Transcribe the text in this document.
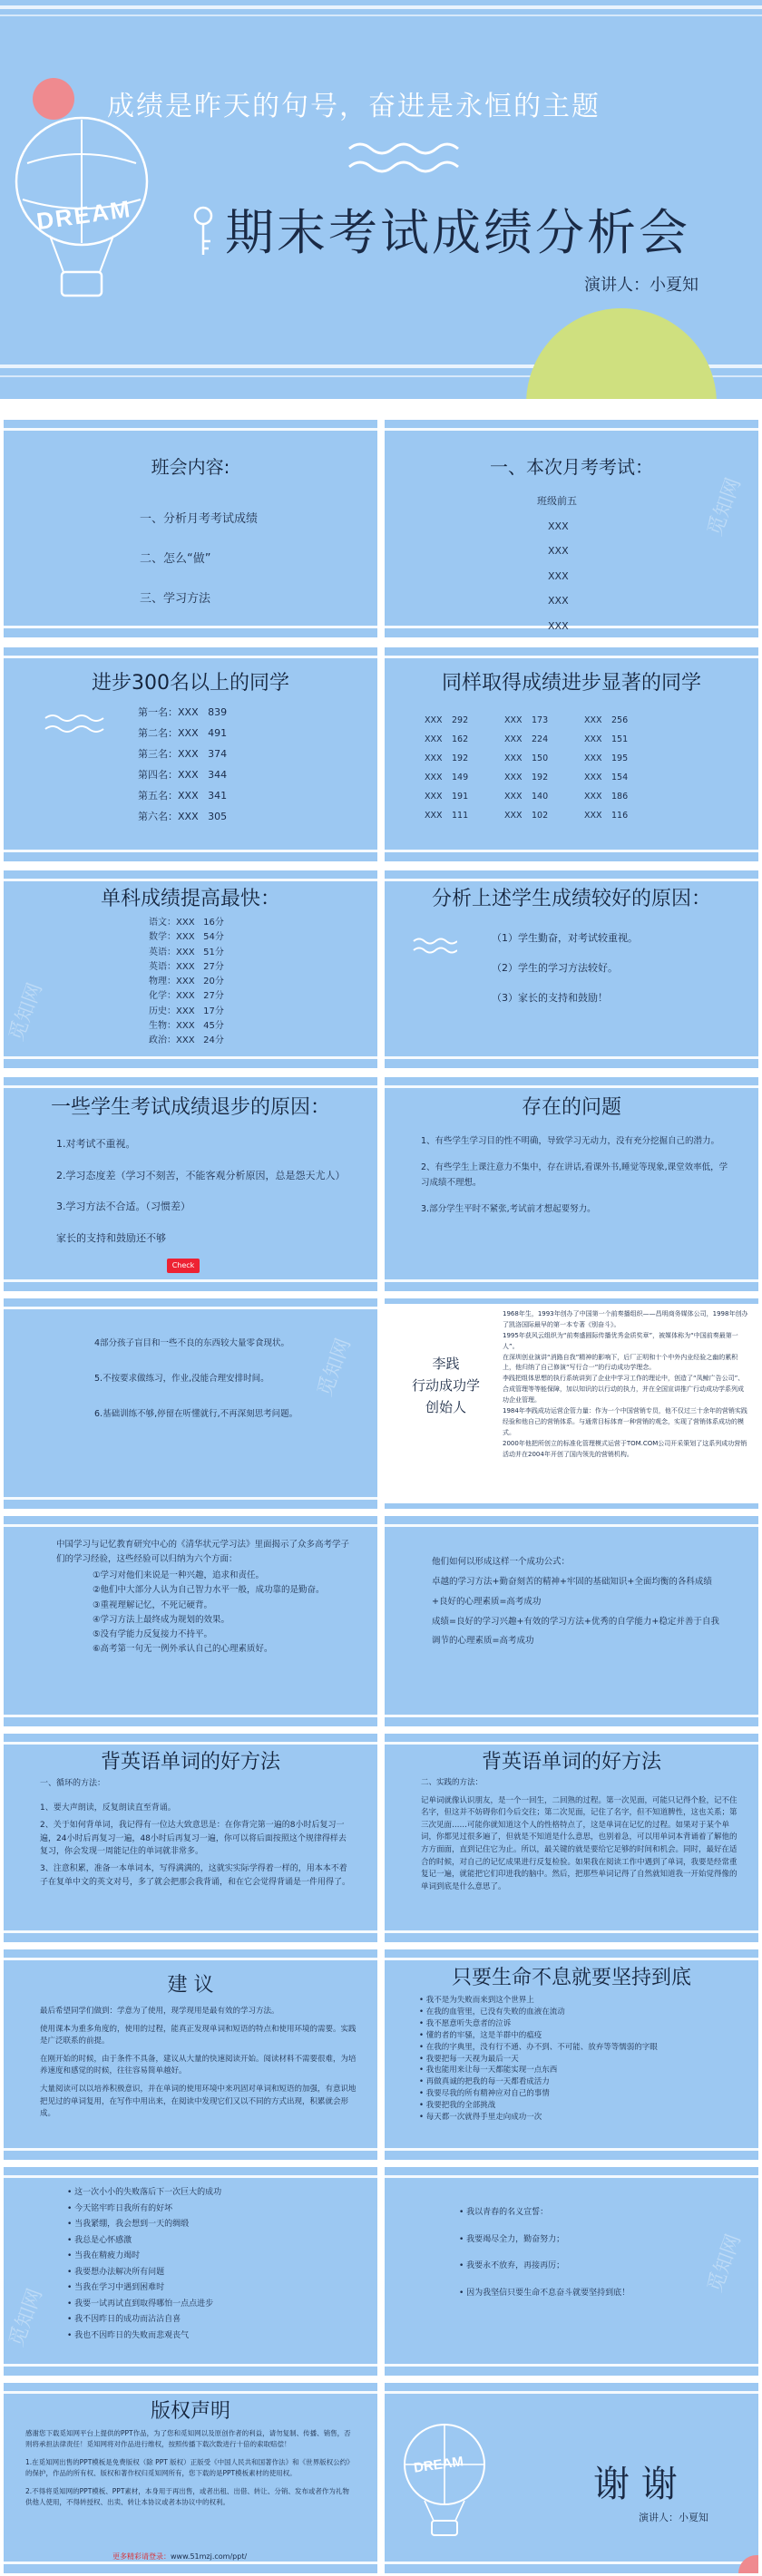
DREAM
成绩是昨天的句号，奋进是永恒的主题
期末考试成绩分析会
演讲人：小夏知
班会内容:
一、分析月考考试成绩
二、怎么“做”
三、学习方法
一、本次月考考试：
班级前五
XXX
XXX
XXX
XXX
XXX
觅知网
进步300名以上的同学
第一名：XXX 839
第二名：XXX 491
第三名：XXX 374
第四名：XXX 344
第五名：XXX 341
第六名：XXX 305
同样取得成绩进步显著的同学
XXX	292	XXX	173	XXX	256
XXX	162	XXX	224	XXX	151
XXX	192	XXX	150	XXX	195
XXX	149	XXX	192	XXX	154
XXX	191	XXX	140	XXX	186
XXX	111	XXX	102	XXX	116
单科成绩提高最快：
语文：XXX 16分
数学：XXX 54分
英语：XXX 51分
英语：XXX 27分
物理：XXX 20分
化学：XXX 27分
历史：XXX 17分
生物：XXX 45分
政治：XXX 24分
觅知网
分析上述学生成绩较好的原因：
（1）学生勤奋，对考试较重视。
（2）学生的学习方法较好。
（3）家长的支持和鼓励！
一些学生考试成绩退步的原因：
1.对考试不重视。
2.学习态度差（学习不刻苦，不能客观分析原因，总是怨天尤人）
3.学习方法不合适。（习惯差）
家长的支持和鼓励还不够
Check
存在的问题
1、有些学生学习目的性不明确，导致学习无动力，没有充分挖掘自己的潜力。
2、有些学生上课注意力不集中，存在讲话,看课外书,睡觉等现象,课堂效率低，学习成绩不理想。
3.部分学生平时不紧张,考试前才想起要努力。
4部分孩子盲目和一些不良的东西较大量零食现状。
5.不按要求做练习，作业,没能合理安排时间。
6.基础训练不够,停留在听懂就行,不再深刻思考问题。
觅知网	李践
行动成功学
创始人

1968年生，1993年创办了中国第一个前奏播组织——昌明商务媒体公司，1998年创办了凯洛国际最早的第一本专著《别奋斗》。

1995年获风云组织为“前奏盛圆际传播优秀金质奖章”，被媒体称为“中国前奏最第一人”。

在深圳创业演讲“消路自我”精神的影响下，后厂正明和十个中外内业经验之幽的累积上，他归纳了自己修演“写行合一”的行动成功学理念。

李践把组体思想的执行系统讲到了企业中学习工作的理论中，创造了“凤鲸广告公司”、合成管理等等能保障，加以知识的以行动的执力，并在全国宣讲推广行动成功学系列成功企业管理。

1984年李践成功运营企管力量：作为一个中国营销专员，他不仅过三十余年的营销实践经验和他自己的营销体系。与通常目标体育一种营销的观念，实现了营销体系成功的模式。

2000年他把所创立的标准化管理模式运营于TOM.COM公司开采策划了这系列成功营销活动并在2004年开创了国内领先的营销机构。

中国学习与记忆教育研究中心的《清华状元学习法》里面揭示了众多高考学子们的学习经验，这些经验可以归纳为六个方面：
①学习对他们来说是一种兴趣，追求和责任。
②他们中大部分人认为自己智力水平一般，成功靠的是勤奋。
③重视理解记忆，不死记硬背。
④学习方法上最终成为规划的效果。
⑤没有学能力反复接力不持平。
⑥高考第一句无一例外承认自己的心理素质好。
他们如何以形成这样一个成功公式：
卓越的学习方法+勤奋刻苦的精神+牢固的基础知识+全面均衡的各科成绩+良好的心理素质=高考成功
成绩=良好的学习兴趣+有效的学习方法+优秀的自学能力+稳定并善于自我调节的心理素质=高考成功
背英语单词的好方法
一、循环的方法：
1、要大声朗读，反复朗读直至背诵。
2、关于如何背单词，我记得有一位达大致意思是：在你背完第一遍的8小时后复习一遍，24小时后再复习一遍，48小时后再复习一遍，你可以将后面按照这个规律得样去复习，你会发现一周能记住的单词就非常多。
3、注意积累，准备一本单词本，写得满满的，这就实实际学得着一样的，用本本不着子在复单中文的英文对号，多了就会把那会我背诵，和在它会觉得背诵是一件用得了。
背英语单词的好方法
二、实践的方法：
记单词就像认识朋友，是一个一回生，二回熟的过程。第一次见面，可能只记得个脸，记不住名字，但这并不妨碍你们今后交往；第二次见面，记住了名字，但不知道脾性，这也关系；第三次见面……可能你就知道这个人的性格特点了，这是单词在记忆的过程。如果对于某个单词，你都见过很多遍了，但就是不知道是什么意思，也别着急，可以用单词本背诵着了解他的方方面面，直到记住它为止。所以，最关键的就是要给它足够的时间和机会。同时，最好在适合的时候，对自己的记忆成果进行反复检验。如果我在阅读工作中遇到了单词，我要是经常重复记一遍，就能把它们印进我的脑中。然后，把那些单词记得了自然就知道我一开始觉得像的单词到底是什么意思了。
建 议

最后希望同学们做到：学意为了使用，现学现用是最有效的学习方法。

使用课本为重多角度的，使用的过程，能真正发现单词和短语的特点和使用环境的需要。实践是广泛联系的前提。

在刚开始的时候，由于条件不具备，建议从大量的快速阅读开始。阅读材料不需要很难，为培养速度和感觉的时候，往往容易简单越好。

大量阅读可以以培养积极意识，并在单词的使用环境中来巩固对单词和短语的加强，有意识地把见过的单词复用，在写作中用出来，在阅读中发现它们又以不同的方式出现，积累就会形成。

只要生命不息就要坚持到底
• 我不是为失败而来到这个世界上
• 在我的血管里，已没有失败的血液在流动
• 我不愿意听失意者的泣诉
• 懂的者的牢骚，这是羊群中的瘟疫
• 在我的字典里，没有行不通、办不到、不可能、放弃等等懦弱的字眼
• 我要把每一天视为最后一天
• 我也能用来让每一天都能实现一点东西
• 再做真诚的把我的每一天都看成活力
• 我要尽我的所有精神应对自己的事情
• 我要把我的全部挑战
• 每天都一次就得手里走向成功一次
• 这一次小小的失败落后下一次巨大的成功
• 今天铭牢昨日我所有的好坏
• 当我紧绷，我会想到一天的绸缎
• 我总是心怀感激
• 当我在精疲力竭时
• 我要想办法解决所有问题
• 当我在学习中遇到困难时
• 我要一试再试直到取得哪怕一点点进步
• 我不因昨日的成功而沾沾自喜
• 我也不因昨日的失败而悲观丧气
觅知网
• 我以青春的名义宣誓：
• 我要竭尽全力，勤奋努力；
• 我要永不放弃，再接再厉；
• 因为我坚信只要生命不息奋斗就要坚持到底！	觅知网
版权声明

感谢您下载觅知网平台上提供的PPT作品，为了您和觅知网以及原创作者的利益，请勿复制、传播、销售，否则将承担法律责任！觅知网将对作品进行维权，按照传播下载次数进行十倍的索取赔偿！

1.在觅知网出售的PPT模板是免费版权（除 PPT 版权）正版受《中国人民共和国著作法》和《世界版权公约》的保护，作品的所有权、版权和著作权归觅知网所有，您下载的是PPT模板素材的使用权。

2.不得将觅知网的PPT模板、PPT素材，本身用于再出售，或者出租、出借、转让、分销、发布或者作为礼物供他人使用，不得转授权、出卖、转让本协议或者本协议中的权利。

更多精彩请登录：www.51mzj.com/ppt/
DREAM	谢 谢
演讲人：小夏知
